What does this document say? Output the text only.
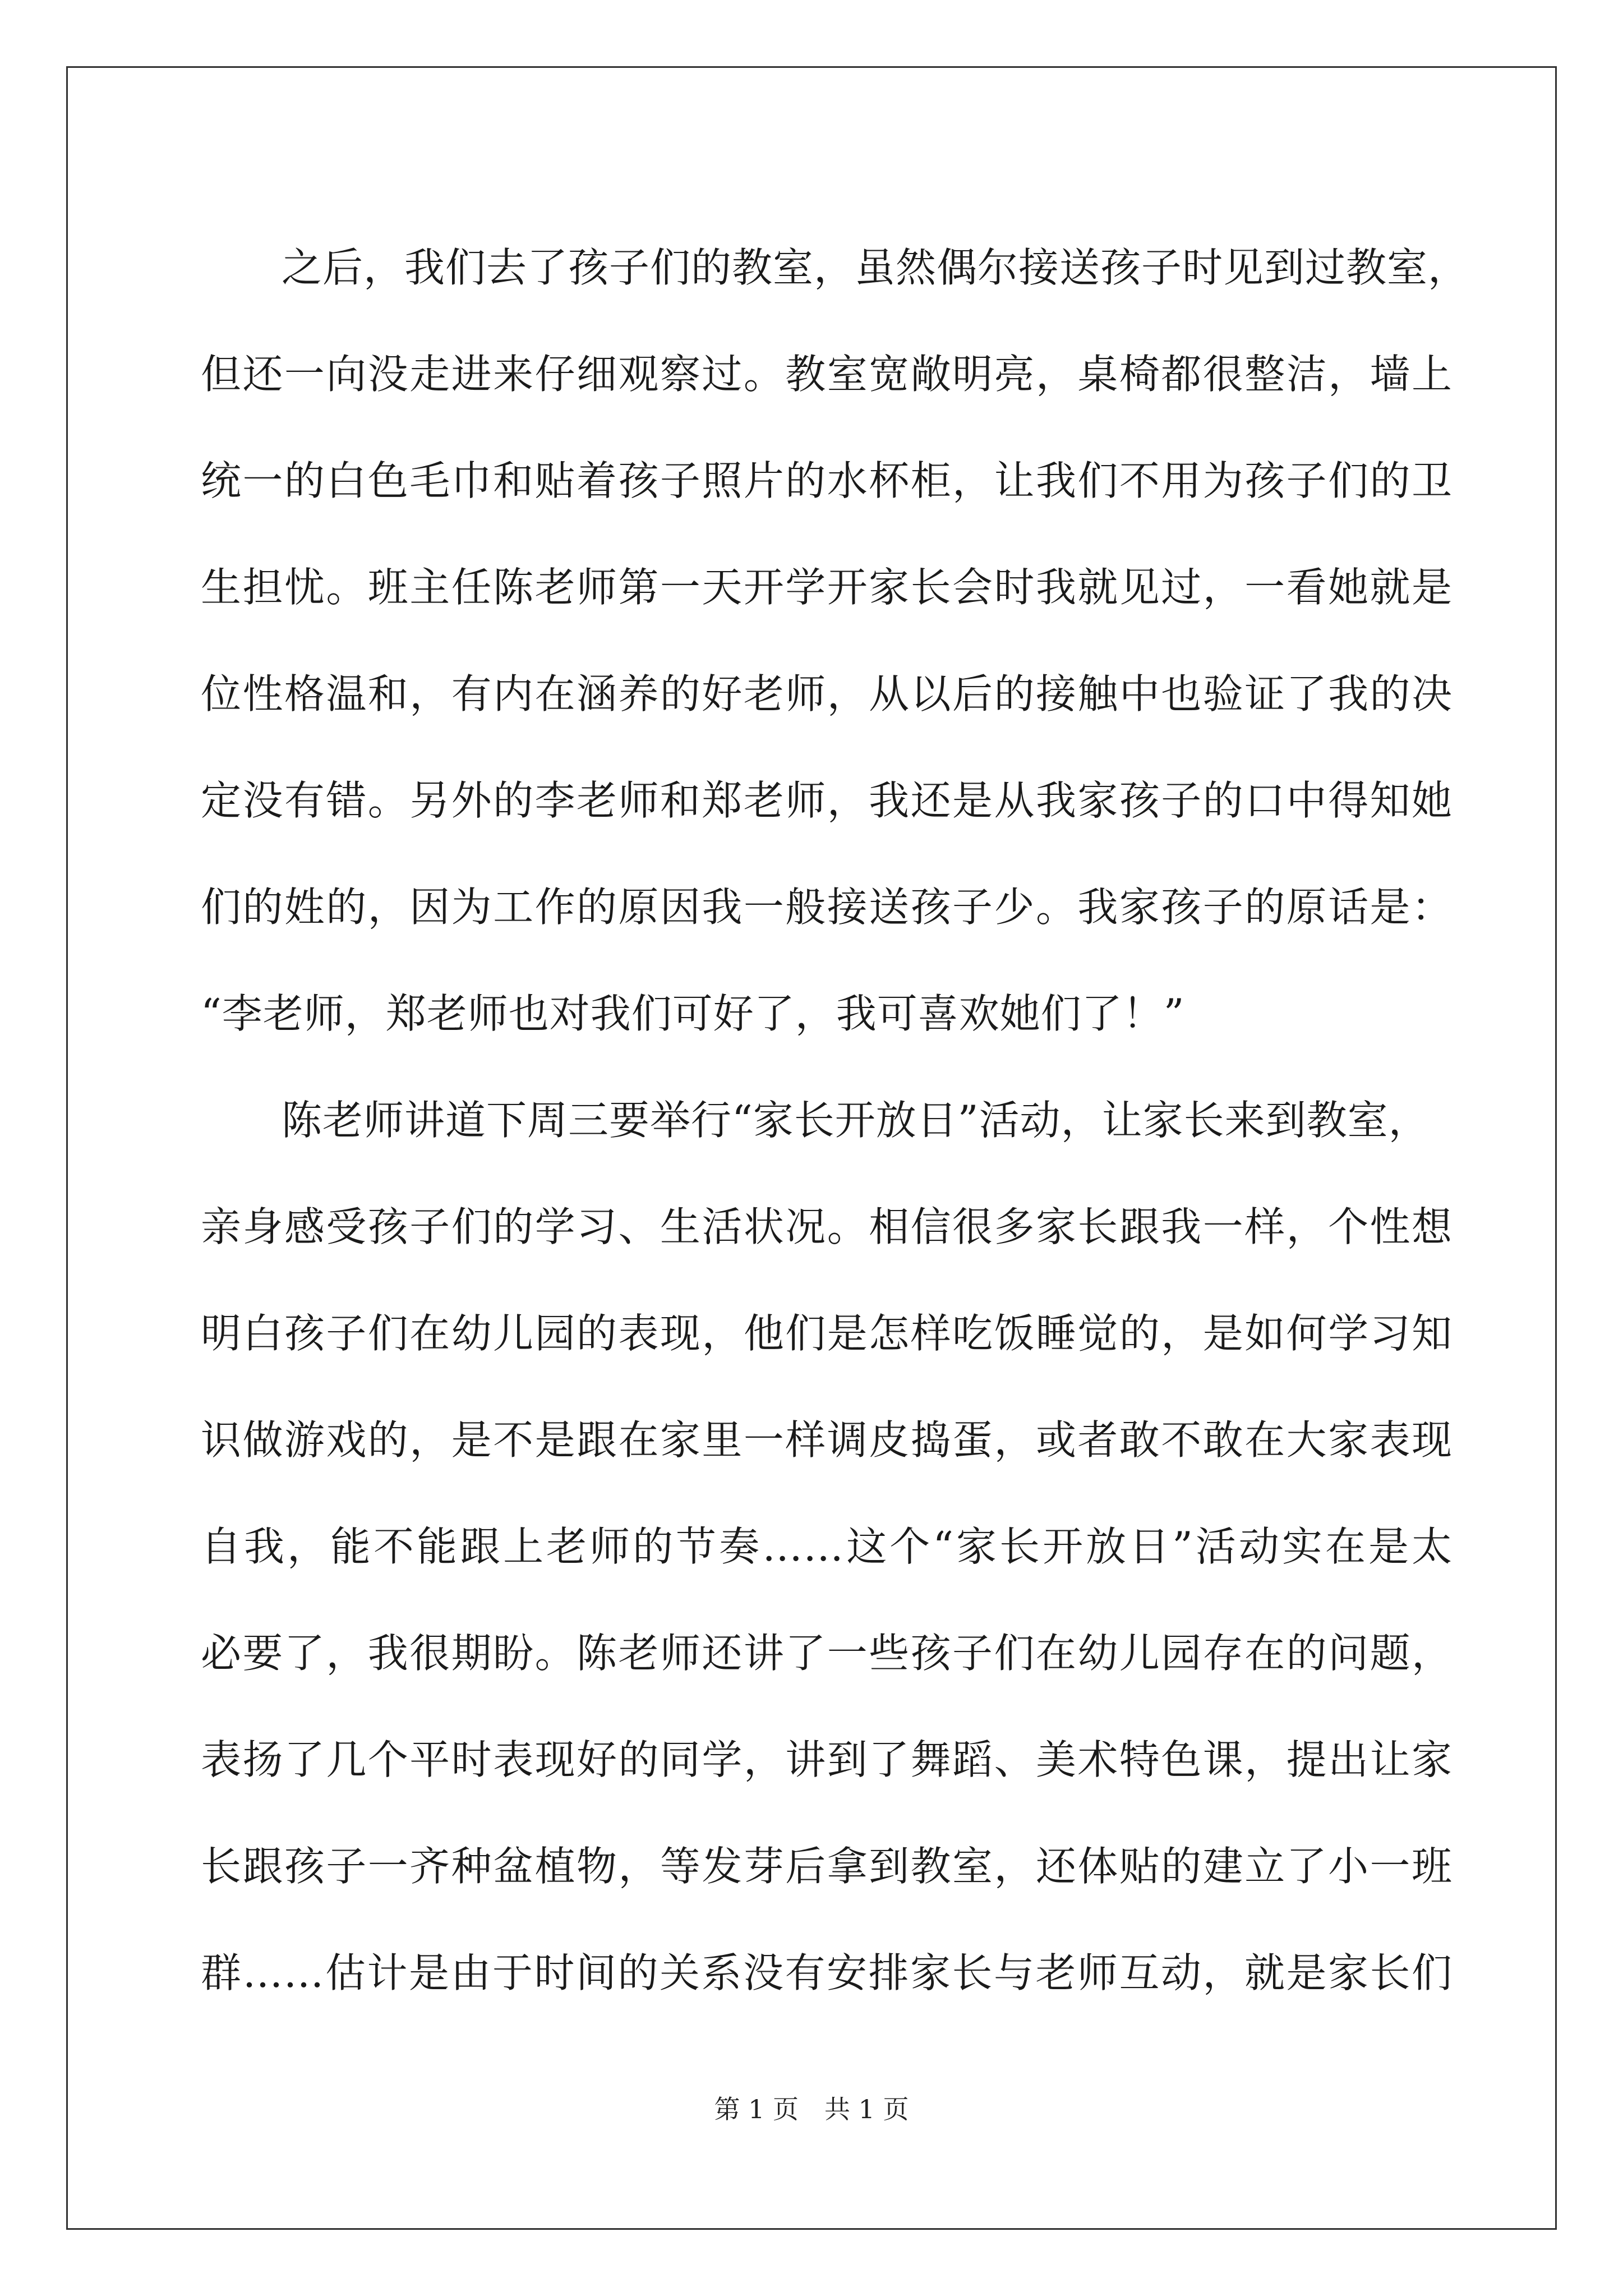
之后，我们去了孩子们的教室，虽然偶尔接送孩子时见到过教室，
但还一向没走进来仔细观察过。教室宽敞明亮，桌椅都很整洁，墙上
统一的白色毛巾和贴着孩子照片的水杯柜，让我们不用为孩子们的卫
生担忧。班主任陈老师第一天开学开家长会时我就见过，一看她就是
位性格温和，有内在涵养的好老师，从以后的接触中也验证了我的决
定没有错。另外的李老师和郑老师，我还是从我家孩子的口中得知她
们的姓的，因为工作的原因我一般接送孩子少。我家孩子的原话是：
“李老师，郑老师也对我们可好了，我可喜欢她们了！”
陈老师讲道下周三要举行“家长开放日”活动，让家长来到教室，
亲身感受孩子们的学习、生活状况。相信很多家长跟我一样，个性想
明白孩子们在幼儿园的表现，他们是怎样吃饭睡觉的，是如何学习知
识做游戏的，是不是跟在家里一样调皮捣蛋，或者敢不敢在大家表现
自我，能不能跟上老师的节奏……这个“家长开放日”活动实在是太
必要了，我很期盼。陈老师还讲了一些孩子们在幼儿园存在的问题，
表扬了几个平时表现好的同学，讲到了舞蹈、美术特色课，提出让家
长跟孩子一齐种盆植物，等发芽后拿到教室，还体贴的建立了小一班
群……估计是由于时间的关系没有安排家长与老师互动，就是家长们
第 1 页 共 1 页
